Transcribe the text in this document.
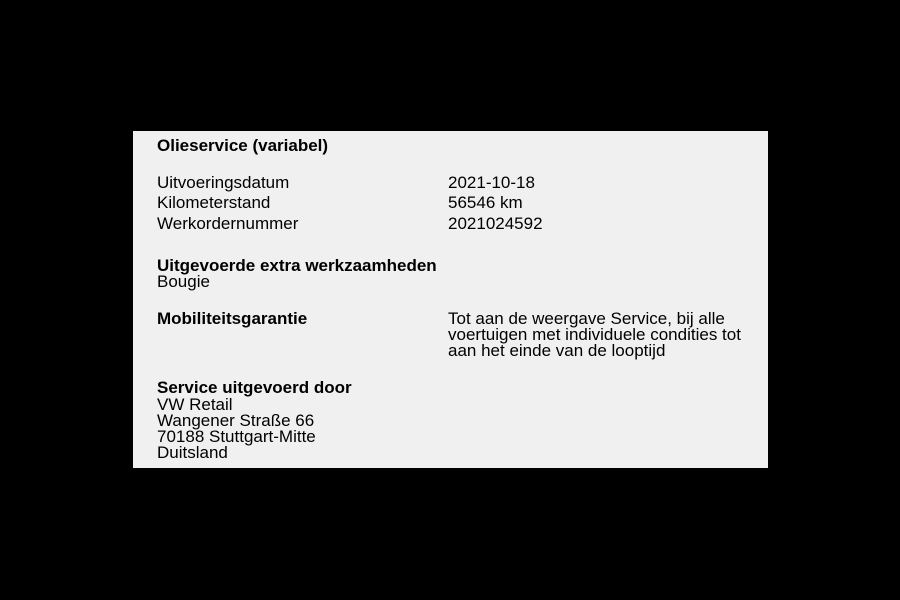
Olieservice (variabel)
Uitvoeringsdatum	2021-10-18
Kilometerstand	56546 km
Werkordernummer	2021024592
Uitgevoerde extra werkzaamheden
Bougie
Mobiliteitsgarantie	Tot aan de weergave Service, bij alle
voertuigen met individuele condities tot
aan het einde van de looptijd
Service uitgevoerd door
VW Retail
Wangener Straße 66
70188 Stuttgart-Mitte
Duitsland
